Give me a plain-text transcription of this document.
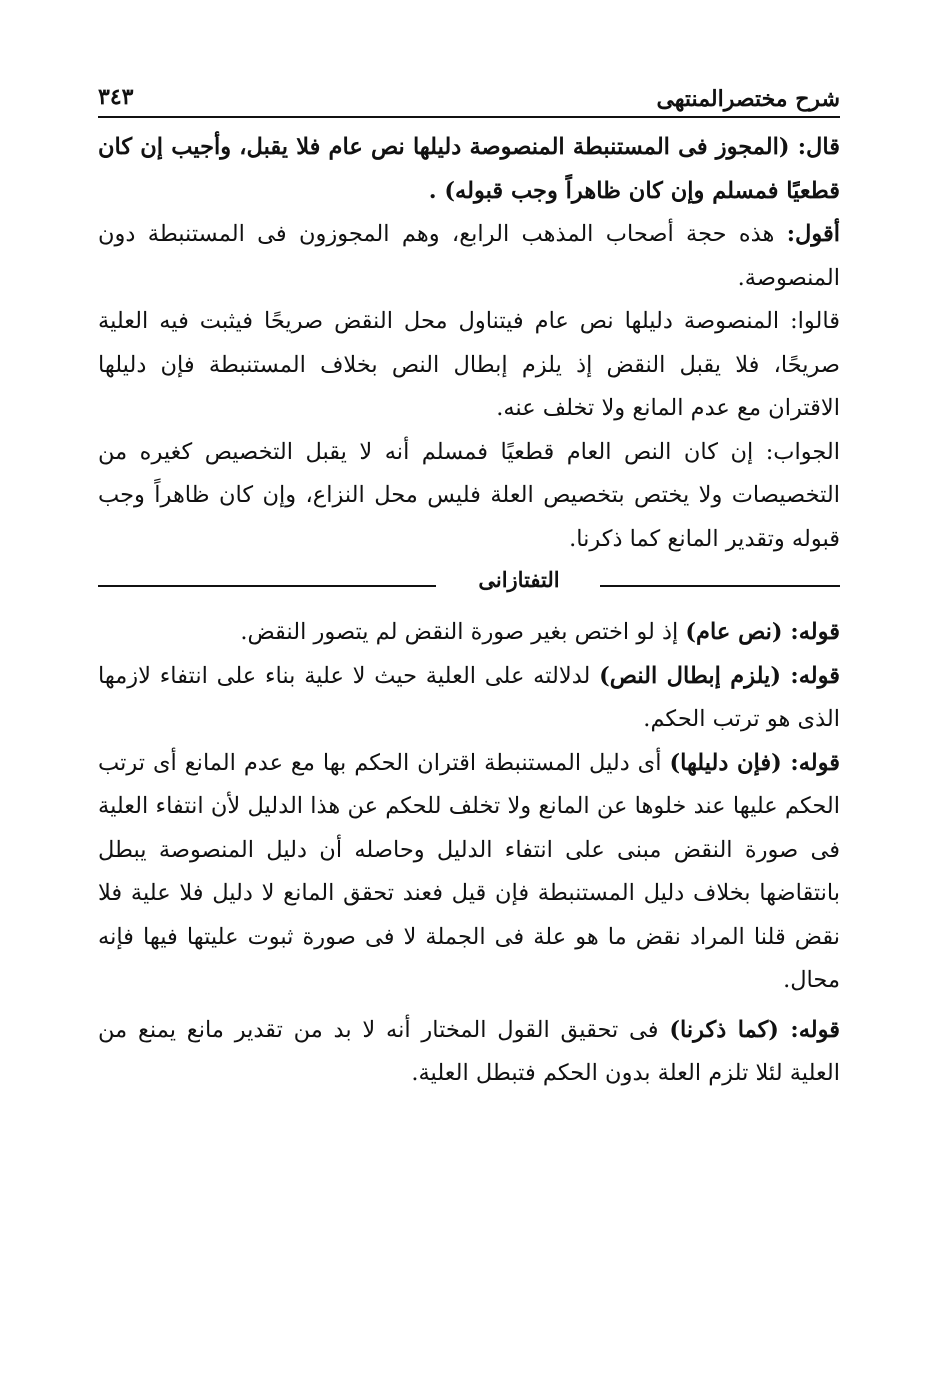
شرح مختصرالمنتهى
٣٤٣

قال: (المجوز فى المستنبطة المنصوصة دليلها نص عام فلا يقبل، وأجيب إن كان قطعيًا فمسلم وإن كان ظاهراً وجب قبوله) .

أقول: هذه حجة أصحاب المذهب الرابع، وهم المجوزون فى المستنبطة دون المنصوصة.

قالوا: المنصوصة دليلها نص عام فيتناول محل النقض صريحًا فيثبت فيه العلية صريحًا، فلا يقبل النقض إذ يلزم إبطال النص بخلاف المستنبطة فإن دليلها الاقتران مع عدم المانع ولا تخلف عنه.

الجواب: إن كان النص العام قطعيًا فمسلم أنه لا يقبل التخصيص كغيره من التخصيصات ولا يختص بتخصيص العلة فليس محل النزاع، وإن كان ظاهراً وجب قبوله وتقدير المانع كما ذكرنا.

التفتازانى

قوله: (نص عام) إذ لو اختص بغير صورة النقض لم يتصور النقض.

قوله: (يلزم إبطال النص) لدلالته على العلية حيث لا علية بناء على انتفاء لازمها الذى هو ترتب الحكم.

قوله: (فإن دليلها) أى دليل المستنبطة اقتران الحكم بها مع عدم المانع أى ترتب الحكم عليها عند خلوها عن المانع ولا تخلف للحكم عن هذا الدليل لأن انتفاء العلية فى صورة النقض مبنى على انتفاء الدليل وحاصله أن دليل المنصوصة يبطل بانتقاضها بخلاف دليل المستنبطة فإن قيل فعند تحقق المانع لا دليل فلا علية فلا نقض قلنا المراد نقض ما هو علة فى الجملة لا فى صورة ثبوت عليتها فيها فإنه محال.

قوله: (كما ذكرنا) فى تحقيق القول المختار أنه لا بد من تقدير مانع يمنع من العلية لئلا تلزم العلة بدون الحكم فتبطل العلية.
